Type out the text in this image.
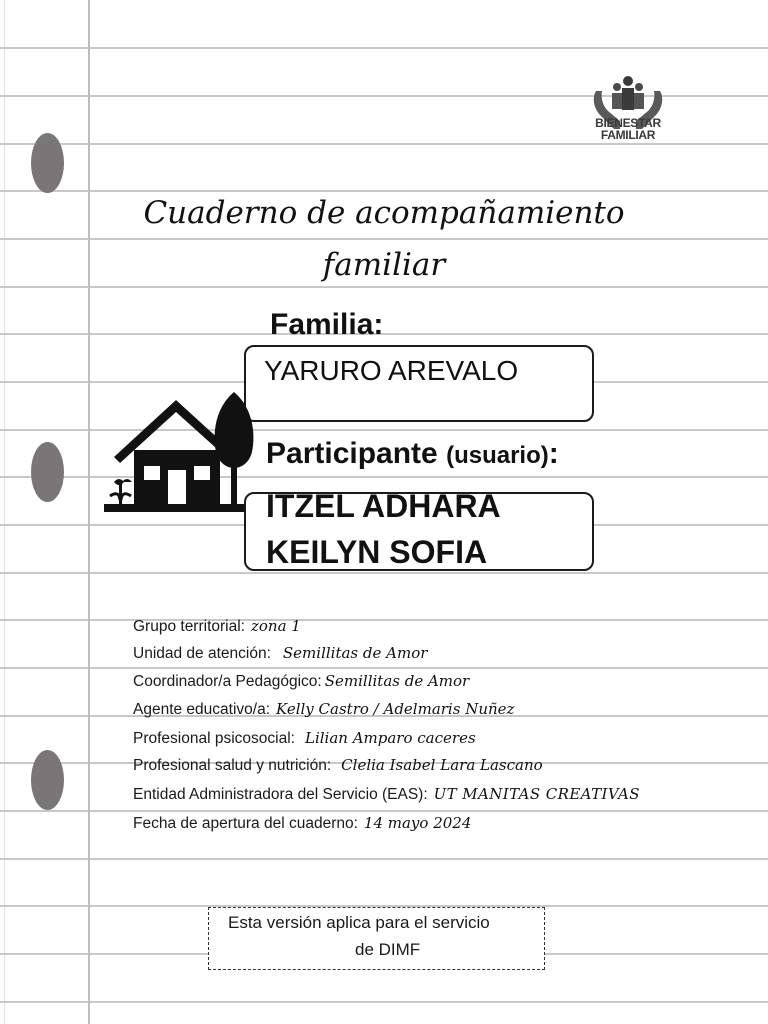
BIENESTAR
FAMILIAR
Cuaderno de acompañamiento
familiar
Familia:
YARURO AREVALO
Participante (usuario):
ITZEL ADHARA
KEILYN SOFIA
Grupo territorial: zona 1
Unidad de atención: Semillitas de Amor
Coordinador/a Pedagógico: Semillitas de Amor
Agente educativo/a: Kelly Castro / Adelmaris Nuñez
Profesional psicosocial: Lilian Amparo caceres
Profesional salud y nutrición: Clelia Isabel Lara Lascano
Entidad Administradora del Servicio (EAS): UT MANITAS CREATIVAS
Fecha de apertura del cuaderno: 14 mayo 2024
Esta versión aplica para el servicio
de DIMF
